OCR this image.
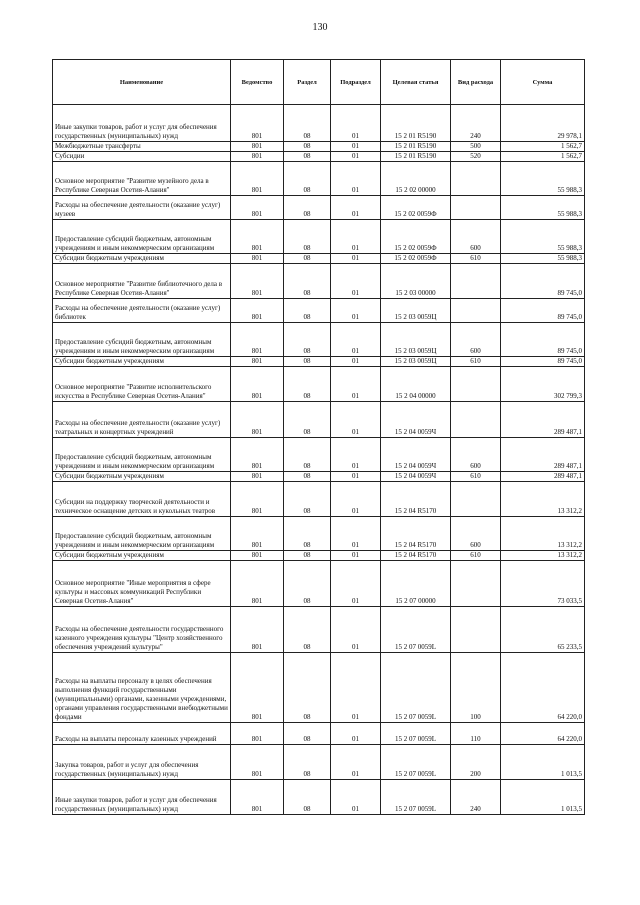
130
Наименование	Ведомство	Раздел	Подраздел	Целевая статья	Вид расхода	Сумма
Иные закупки товаров, работ и услуг для обеспечения государственных (муниципальных) нужд	801	08	01	15 2 01 R5190	240	29 978,1
Межбюджетные трансферты	801	08	01	15 2 01 R5190	500	1 562,7
Субсидии	801	08	01	15 2 01 R5190	520	1 562,7
Основное мероприятие "Развитие музейного дела в Республике Северная Осетия-Алания"	801	08	01	15 2 02 00000		55 988,3
Расходы на обеспечение деятельности (оказание услуг) музеев	801	08	01	15 2 02 0059Ф		55 988,3
Предоставление субсидий бюджетным, автономным учреждениям и иным некоммерческим организациям	801	08	01	15 2 02 0059Ф	600	55 988,3
Субсидии бюджетным учреждениям	801	08	01	15 2 02 0059Ф	610	55 988,3
Основное мероприятие "Развитие библиотечного дела в Республике Северная Осетия-Алания"	801	08	01	15 2 03 00000		89 745,0
Расходы на обеспечение деятельности (оказание услуг) библиотек	801	08	01	15 2 03 0059Ц		89 745,0
Предоставление субсидий бюджетным, автономным учреждениям и иным некоммерческим организациям	801	08	01	15 2 03 0059Ц	600	89 745,0
Субсидии бюджетным учреждениям	801	08	01	15 2 03 0059Ц	610	89 745,0
Основное мероприятие "Развитие исполнительского искусства в Республике Северная Осетия-Алания"	801	08	01	15 2 04 00000		302 799,3
Расходы на обеспечение деятельности (оказание услуг) театральных и концертных учреждений	801	08	01	15 2 04 0059Ч		289 487,1
Предоставление субсидий бюджетным, автономным учреждениям и иным некоммерческим организациям	801	08	01	15 2 04 0059Ч	600	289 487,1
Субсидии бюджетным учреждениям	801	08	01	15 2 04 0059Ч	610	289 487,1
Субсидии на поддержку творческой деятельности и техническое оснащение детских и кукольных театров	801	08	01	15 2 04 R5170		13 312,2
Предоставление субсидий бюджетным, автономным учреждениям и иным некоммерческим организациям	801	08	01	15 2 04 R5170	600	13 312,2
Субсидии бюджетным учреждениям	801	08	01	15 2 04 R5170	610	13 312,2
Основное мероприятие "Иные мероприятия в сфере культуры и массовых коммуникаций Республики Северная Осетия-Алания"	801	08	01	15 2 07 00000		73 033,5
Расходы на обеспечение деятельности государственного казенного учреждения культуры "Центр хозяйственного обеспечения учреждений культуры"	801	08	01	15 2 07 0059L		65 233,5
Расходы на выплаты персоналу в целях обеспечения выполнения функций государственными (муниципальными) органами, казенными учреждениями, органами управления государственными внебюджетными фондами	801	08	01	15 2 07 0059L	100	64 220,0
Расходы на выплаты персоналу казенных учреждений	801	08	01	15 2 07 0059L	110	64 220,0
Закупка товаров, работ и услуг для обеспечения государственных (муниципальных) нужд	801	08	01	15 2 07 0059L	200	1 013,5
Иные закупки товаров, работ и услуг для обеспечения государственных (муниципальных) нужд	801	08	01	15 2 07 0059L	240	1 013,5
